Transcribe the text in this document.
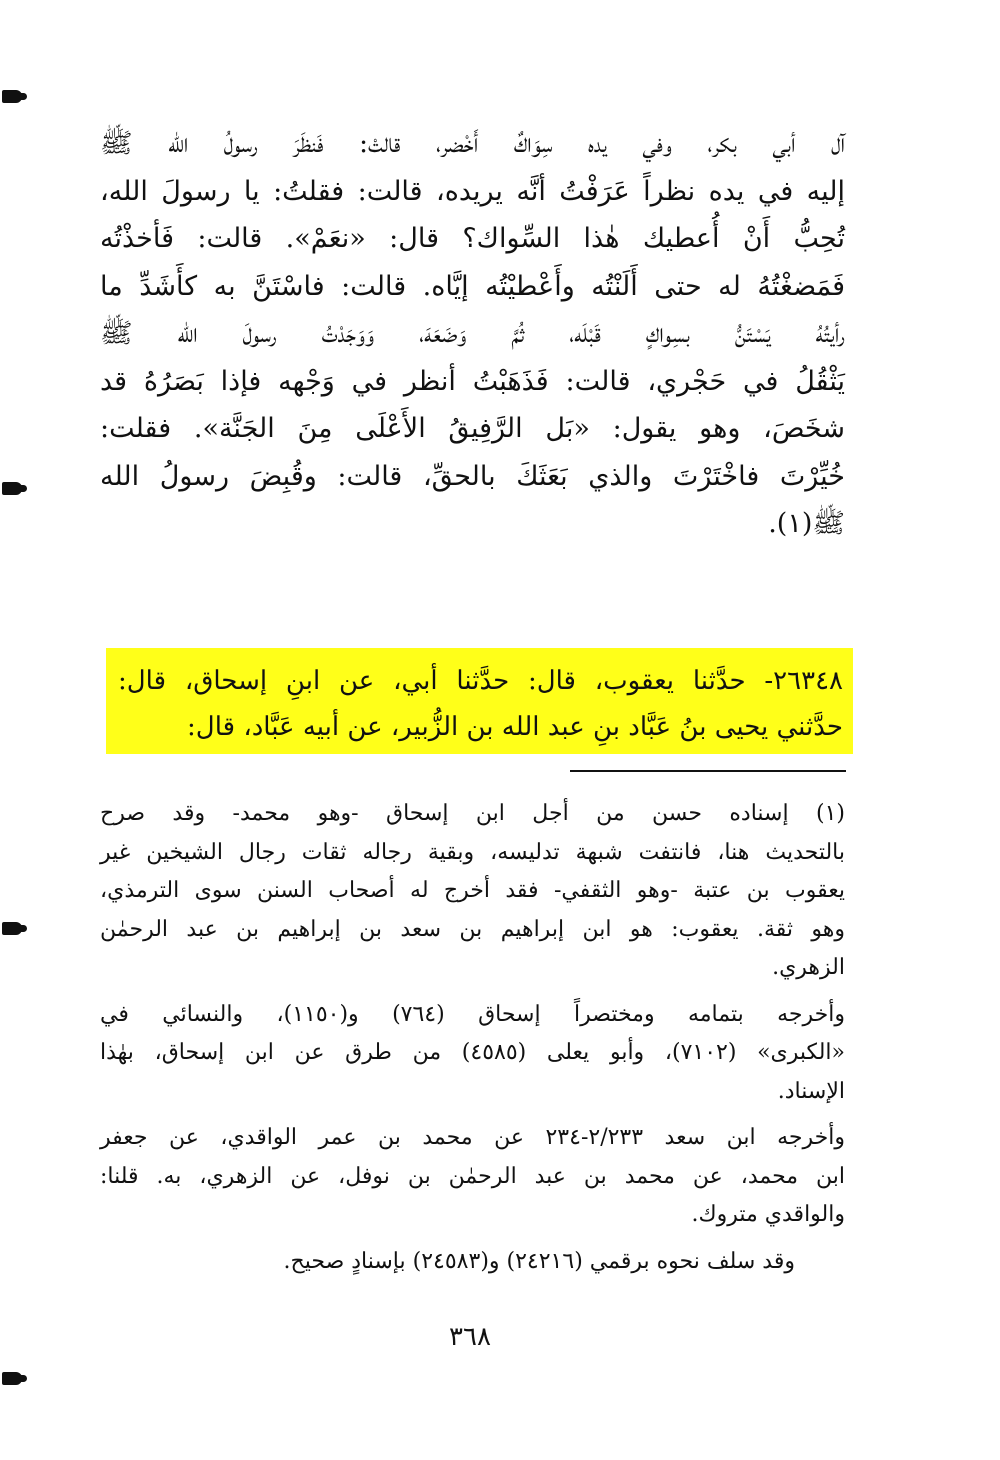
آل أبي بكر، وفي يده سِوَاكٌ أَخْضر، قالتْ: فَنظَرَ رسولُ الله ﷺ
إليه في يده نظراً عَرَفْتُ أنَّه يريده، قالت: فقلتُ: يا رسولَ الله،
تُحِبُّ أَنْ أُعطيك هٰذا السِّواك؟ قال: «نعَمْ». قالت: فَأخذْتُه
فَمَضغْتُهُ له حتى أَلَنْتُه وأَعْطيْتُه إيَّاه. قالت: فاسْتَنَّ به كأَشَدِّ ما
رأيتُهُ يَسْتَنُّ بسِواكٍ قَبْلَه، ثُمَّ وَضَعَهَ، وَوَجَدْتُ رسولَ الله ﷺ
يَثْقُلُ في حَجْري، قالت: فَذَهَبْتُ أنظر في وَجْهه فإذا بَصَرُهُ قد
شخَصَ، وهو يقول: «بَل الرَّفِيقُ الأَعْلَى مِنَ الجَنَّة». فقلت:
خُيِّرْتَ فاخْتَرْتَ والذي بَعَثَكَ بالحقِّ، قالت: وقُبِضَ رسولُ الله
ﷺ(١).

٢٦٣٤٨- حدَّثنا يعقوب، قال: حدَّثنا أبي، عن ابنِ إسحاق، قال:
حدَّثني يحيى بنُ عَبَّاد بنِ عبد الله بن الزُّبير، عن أبيه عَبَّاد، قال:
(١) إسناده حسن من أجل ابن إسحاق -وهو محمد- وقد صرح
بالتحديث هنا، فانتفت شبهة تدليسه، وبقية رجاله ثقات رجال الشيخين غير
يعقوب بن عتبة -وهو الثقفي- فقد أخرج له أصحاب السنن سوى الترمذي،
وهو ثقة. يعقوب: هو ابن إبراهيم بن سعد بن إبراهيم بن عبد الرحمٰن
الزهري.
وأخرجه بتمامه ومختصراً إسحاق (٧٦٤) و(١١٥٠)، والنسائي في
«الكبرى» (٧١٠٢)، وأبو يعلى (٤٥٨٥) من طرق عن ابن إسحاق، بهٰذا
الإسناد.
وأخرجه ابن سعد ٢/٢٣٣-٢٣٤ عن محمد بن عمر الواقدي، عن جعفر
ابن محمد، عن محمد بن عبد الرحمٰن بن نوفل، عن الزهري، به. قلنا:
والواقدي متروك.
وقد سلف نحوه برقمي (٢٤٢١٦) و(٢٤٥٨٣) بإسنادٍ صحيح.
٣٦٨
